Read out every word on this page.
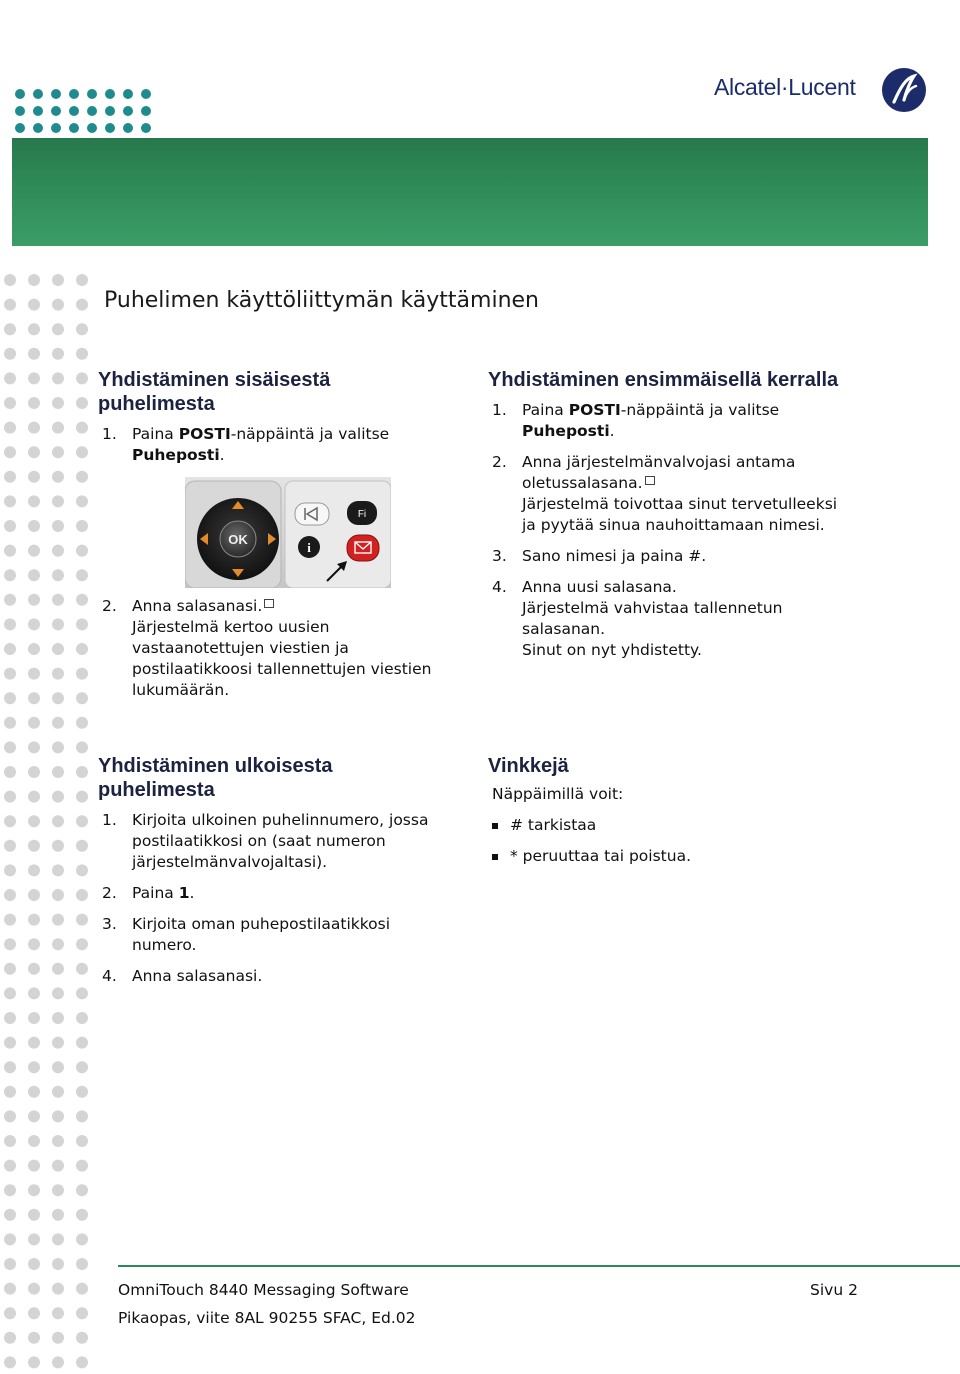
Alcatel·Lucent
Puhelimen käyttöliittymän käyttäminen
Yhdistäminen sisäisestä
puhelimesta
1. Paina POSTI-näppäintä ja valitse
Puheposti.
OK
Fi
i
2. Anna salasanasi.
Järjestelmä kertoo uusien
vastaanotettujen viestien ja
postilaatikkoosi tallennettujen viestien
lukumäärän.
Yhdistäminen ensimmäisellä kerralla
1. Paina POSTI-näppäintä ja valitse
Puheposti.
2. Anna järjestelmänvalvojasi antama
oletussalasana.
Järjestelmä toivottaa sinut tervetulleeksi
ja pyytää sinua nauhoittamaan nimesi.
3. Sano nimesi ja paina #.
4. Anna uusi salasana.
Järjestelmä vahvistaa tallennetun
salasanan.
Sinut on nyt yhdistetty.
Yhdistäminen ulkoisesta
puhelimesta
1. Kirjoita ulkoinen puhelinnumero, jossa
postilaatikkosi on (saat numeron
järjestelmänvalvojaltasi).
2. Paina 1.
3. Kirjoita oman puhepostilaatikkosi
numero.
4. Anna salasanasi.
Vinkkejä
Näppäimillä voit:
# tarkistaa
* peruuttaa tai poistua.
OmniTouch 8440 Messaging Software	Sivu 2
Pikaopas, viite 8AL 90255 SFAC, Ed.02
